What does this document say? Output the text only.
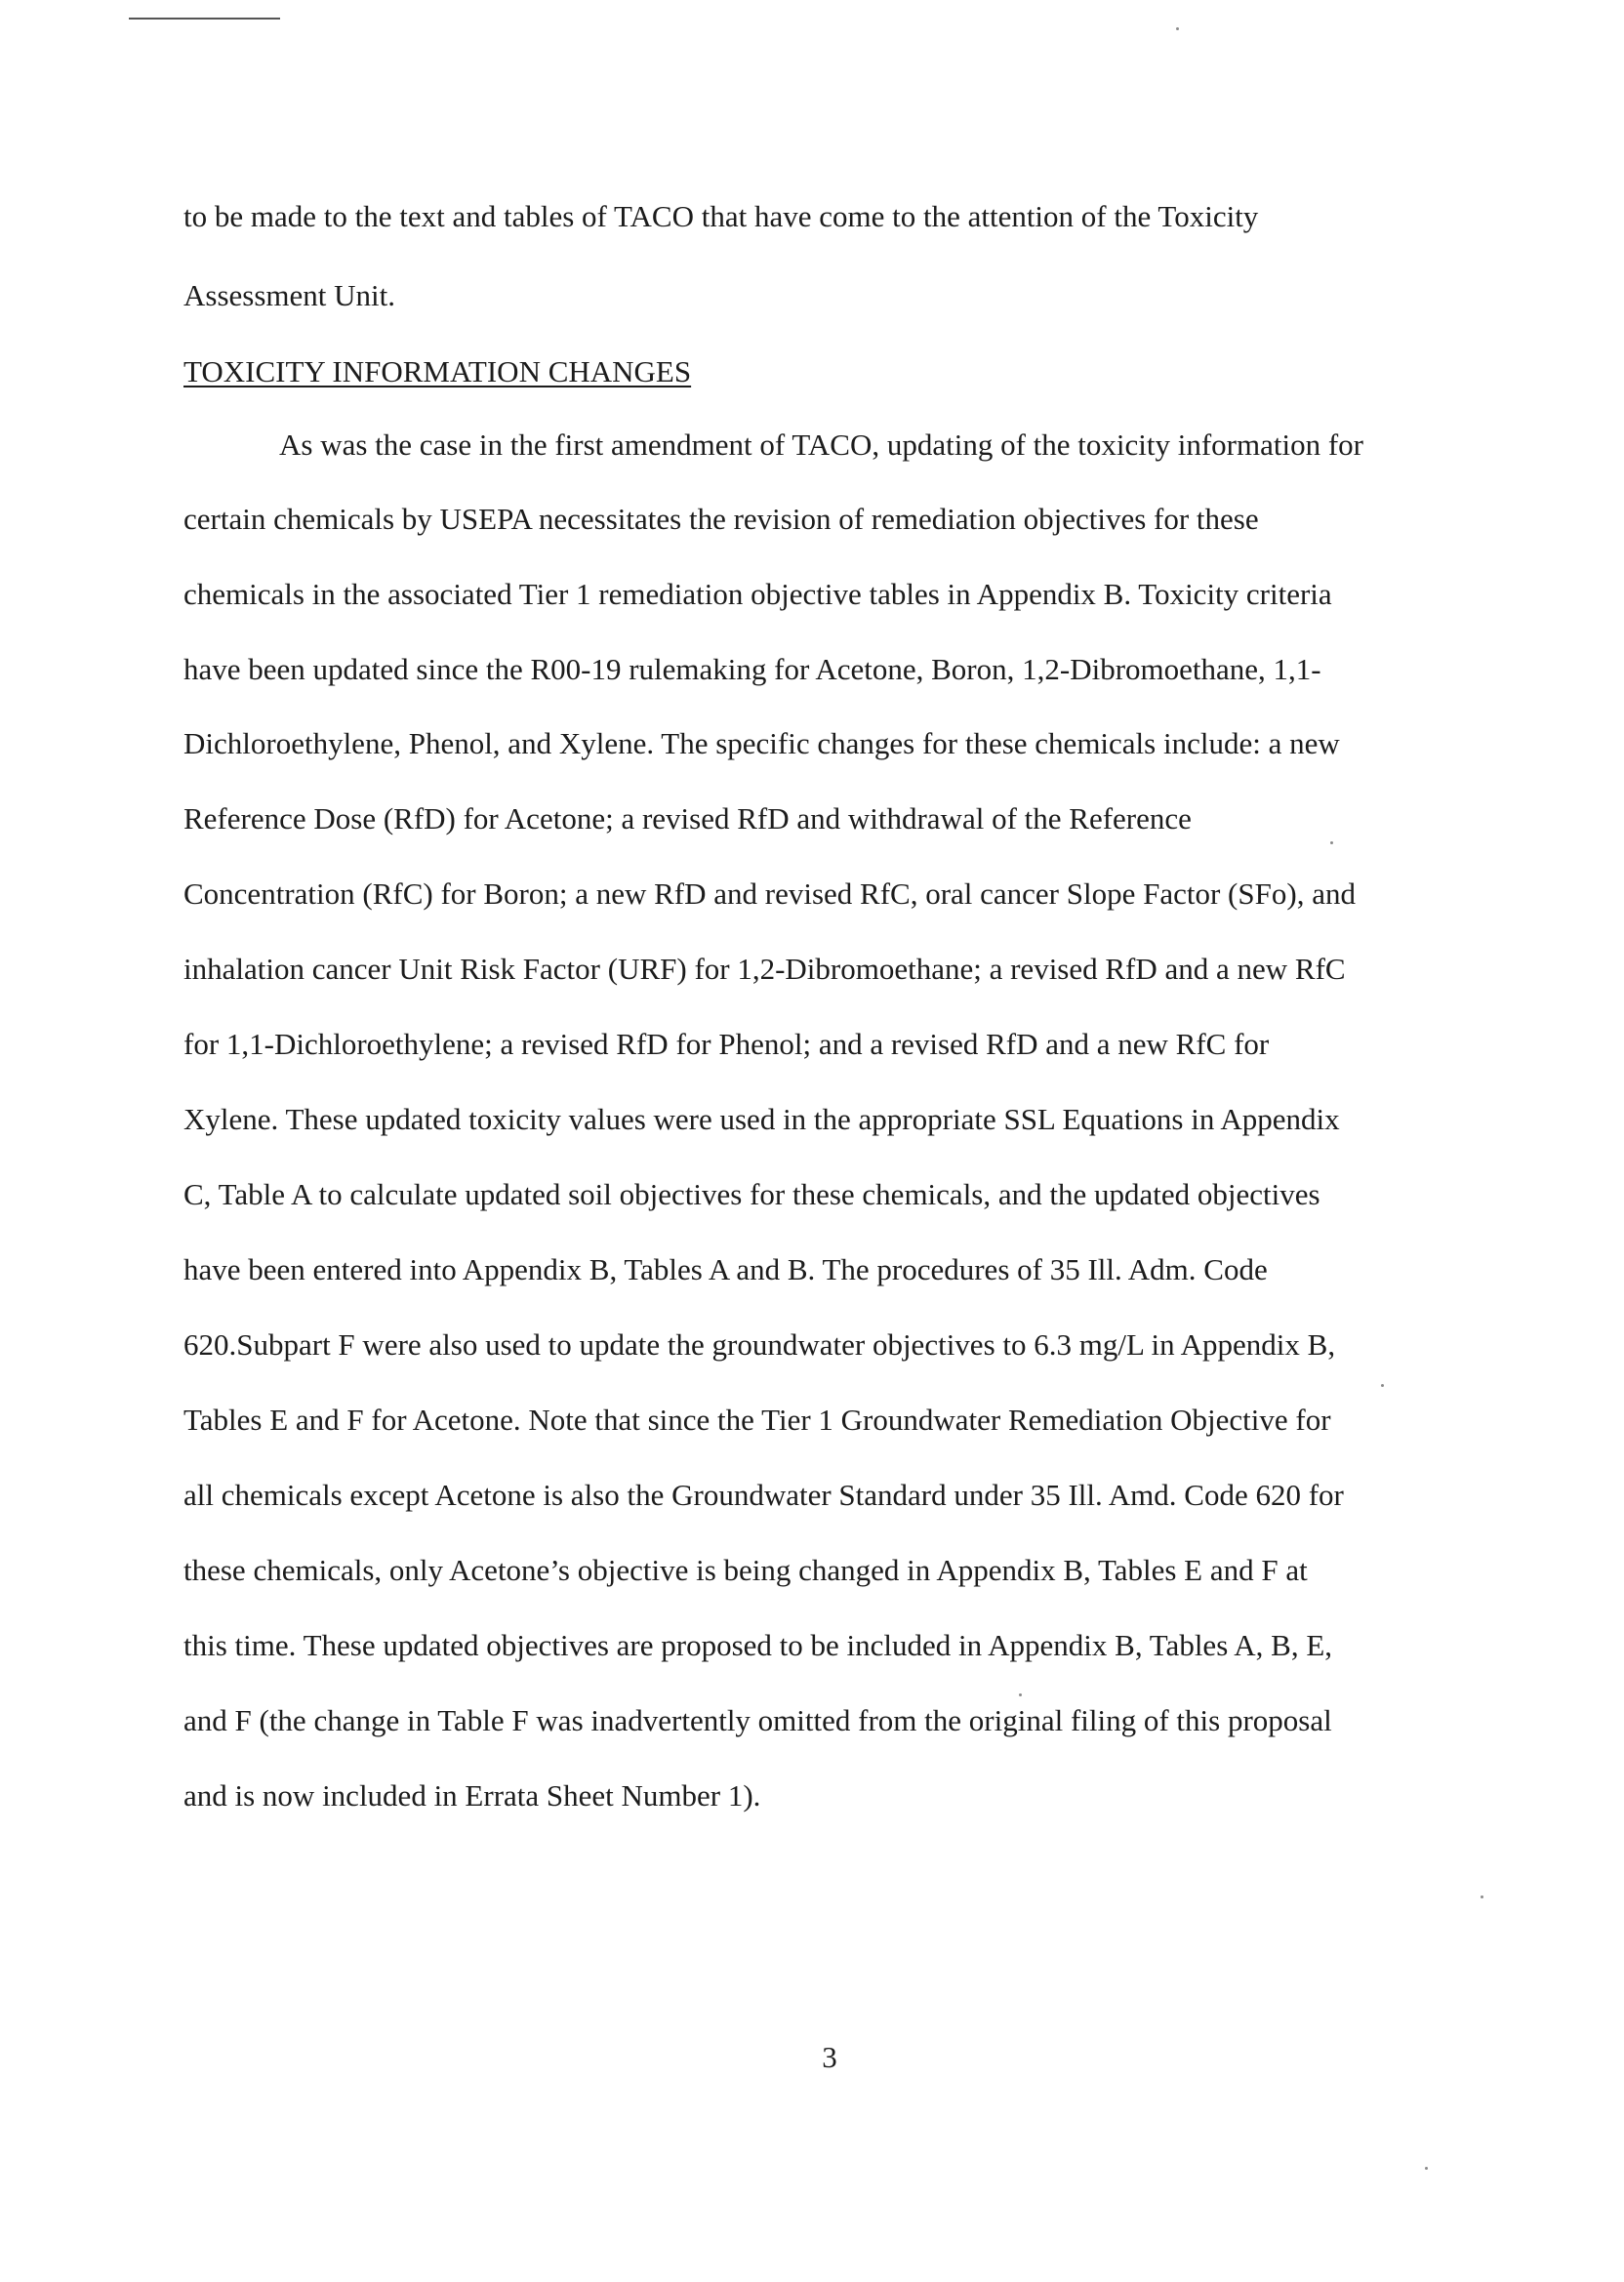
to be made to the text and tables of TACO that have come to the attention of the Toxicity
Assessment Unit.
TOXICITY INFORMATION CHANGES
As was the case in the first amendment of TACO, updating of the toxicity information for
certain chemicals by USEPA necessitates the revision of remediation objectives for these
chemicals in the associated Tier 1 remediation objective tables in Appendix B. Toxicity criteria
have been updated since the R00-19 rulemaking for Acetone, Boron, 1,2-Dibromoethane, 1,1-
Dichloroethylene, Phenol, and Xylene. The specific changes for these chemicals include: a new
Reference Dose (RfD) for Acetone; a revised RfD and withdrawal of the Reference
Concentration (RfC) for Boron; a new RfD and revised RfC, oral cancer Slope Factor (SFo), and
inhalation cancer Unit Risk Factor (URF) for 1,2-Dibromoethane; a revised RfD and a new RfC
for 1,1-Dichloroethylene; a revised RfD for Phenol; and a revised RfD and a new RfC for
Xylene. These updated toxicity values were used in the appropriate SSL Equations in Appendix
C, Table A to calculate updated soil objectives for these chemicals, and the updated objectives
have been entered into Appendix B, Tables A and B. The procedures of 35 Ill. Adm. Code
620.Subpart F were also used to update the groundwater objectives to 6.3 mg/L in Appendix B,
Tables E and F for Acetone. Note that since the Tier 1 Groundwater Remediation Objective for
all chemicals except Acetone is also the Groundwater Standard under 35 Ill. Amd. Code 620 for
these chemicals, only Acetone’s objective is being changed in Appendix B, Tables E and F at
this time. These updated objectives are proposed to be included in Appendix B, Tables A, B, E,
and F (the change in Table F was inadvertently omitted from the original filing of this proposal
and is now included in Errata Sheet Number 1).
3
